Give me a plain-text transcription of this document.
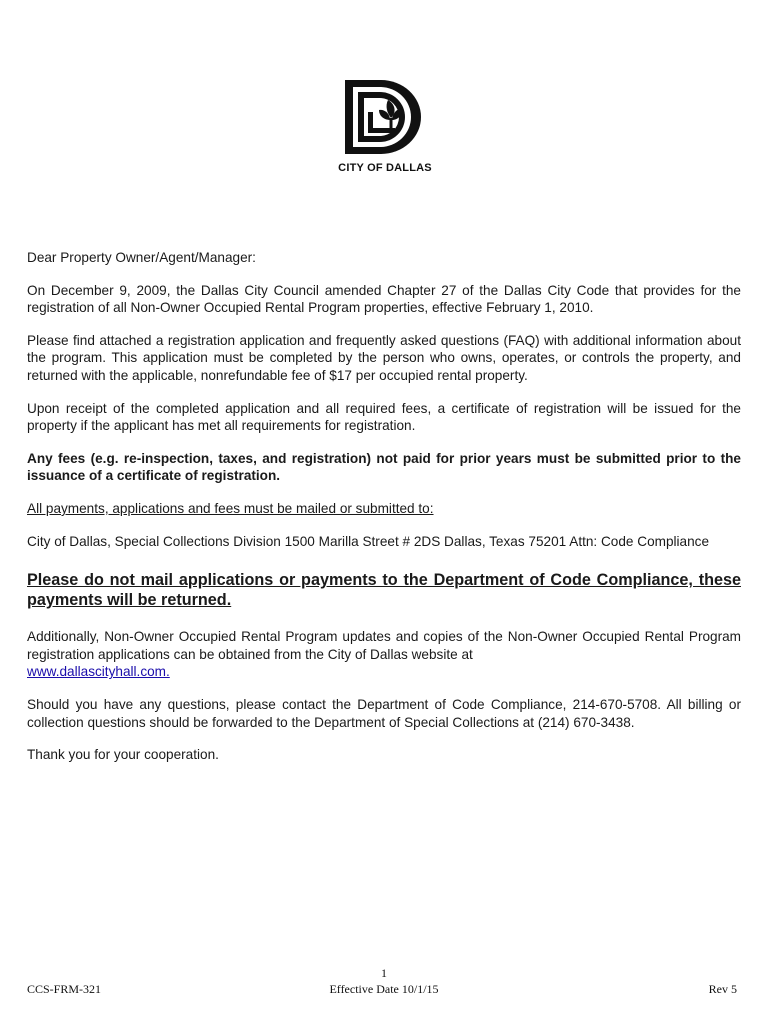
CITY OF DALLAS

Dear Property Owner/Agent/Manager:

On December 9, 2009, the Dallas City Council amended Chapter 27 of the Dallas City Code that provides for the registration of all Non-Owner Occupied Rental Program properties, effective February 1, 2010.

Please find attached a registration application and frequently asked questions (FAQ) with additional information about the program. This application must be completed by the person who owns, operates, or controls the property, and returned with the applicable, nonrefundable fee of $17 per occupied rental property.

Upon receipt of the completed application and all required fees, a certificate of registration will be issued for the property if the applicant has met all requirements for registration.

Any fees (e.g. re-inspection, taxes, and registration) not paid for prior years must be submitted prior to the issuance of a certificate of registration.

All payments, applications and fees must be mailed or submitted to:

City of Dallas, Special Collections Division 1500 Marilla Street # 2DS Dallas, Texas 75201 Attn: Code Compliance

Please do not mail applications or payments to the Department of Code Compliance, these payments will be returned.

Additionally, Non-Owner Occupied Rental Program updates and copies of the Non-Owner Occupied Rental Program registration applications can be obtained from the City of Dallas website at
www.dallascityhall.com.

Should you have any questions, please contact the Department of Code Compliance, 214-670-5708. All billing or collection questions should be forwarded to the Department of Special Collections at (214) 670-3438.

Thank you for your cooperation.

1
CCS-FRM-321	Effective Date 10/1/15	Rev 5
